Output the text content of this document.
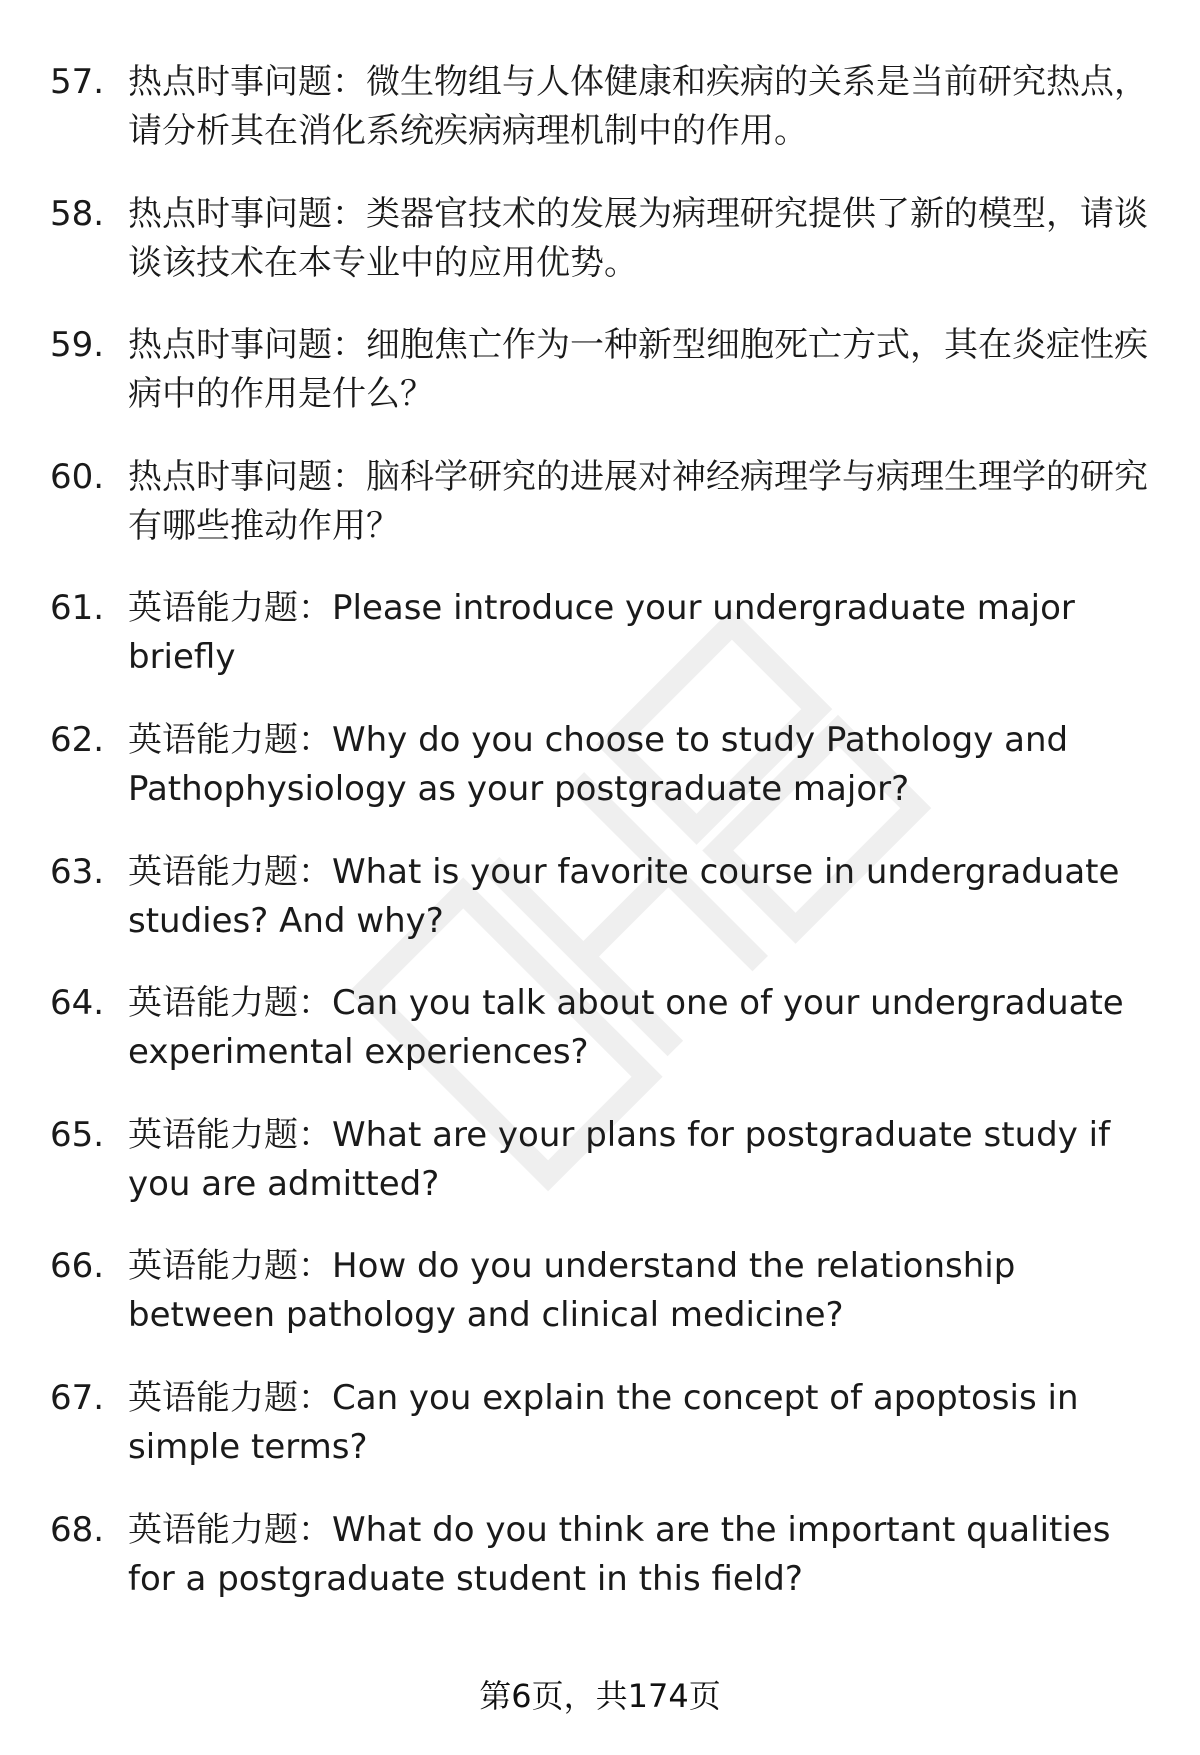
57. 热点时事问题：微生物组与人体健康和疾病的关系是当前研究热点，请分析其在消化系统疾病病理机制中的作用。
58. 热点时事问题：类器官技术的发展为病理研究提供了新的模型，请谈谈该技术在本专业中的应用优势。
59. 热点时事问题：细胞焦亡作为一种新型细胞死亡方式，其在炎症性疾病中的作用是什么？
60. 热点时事问题：脑科学研究的进展对神经病理学与病理生理学的研究有哪些推动作用？
61. 英语能力题：Please introduce your undergraduate major briefly
62. 英语能力题：Why do you choose to study Pathology and Pathophysiology as your postgraduate major?
63. 英语能力题：What is your favorite course in undergraduate studies? And why?
64. 英语能力题：Can you talk about one of your undergraduate experimental experiences?
65. 英语能力题：What are your plans for postgraduate study if you are admitted?
66. 英语能力题：How do you understand the relationship between pathology and clinical medicine?
67. 英语能力题：Can you explain the concept of apoptosis in simple terms?
68. 英语能力题：What do you think are the important qualities for a postgraduate student in this field?
第6页，共174页
